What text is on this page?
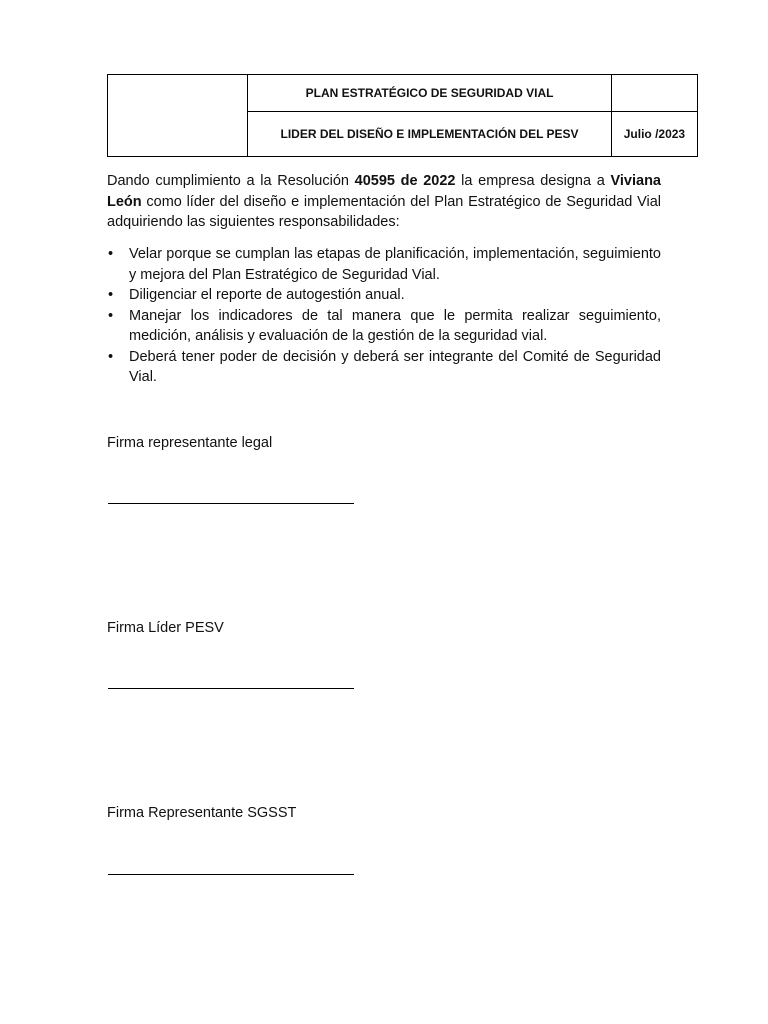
	PLAN ESTRATÉGICO DE SEGURIDAD VIAL	
	LIDER DEL DISEÑO E IMPLEMENTACIÓN DEL PESV	Julio /2023

Dando cumplimiento a la Resolución 40595 de 2022 la empresa designa a Viviana León como líder del diseño e implementación del Plan Estratégico de Seguridad Vial adquiriendo las siguientes responsabilidades:

• Velar porque se cumplan las etapas de planificación, implementación, seguimiento y mejora del Plan Estratégico de Seguridad Vial.
• Diligenciar el reporte de autogestión anual.
• Manejar los indicadores de tal manera que le permita realizar seguimiento, medición, análisis y evaluación de la gestión de la seguridad vial.
• Deberá tener poder de decisión y deberá ser integrante del Comité de Seguridad Vial.

Firma representante legal

Firma Líder PESV

Firma Representante SGSST
